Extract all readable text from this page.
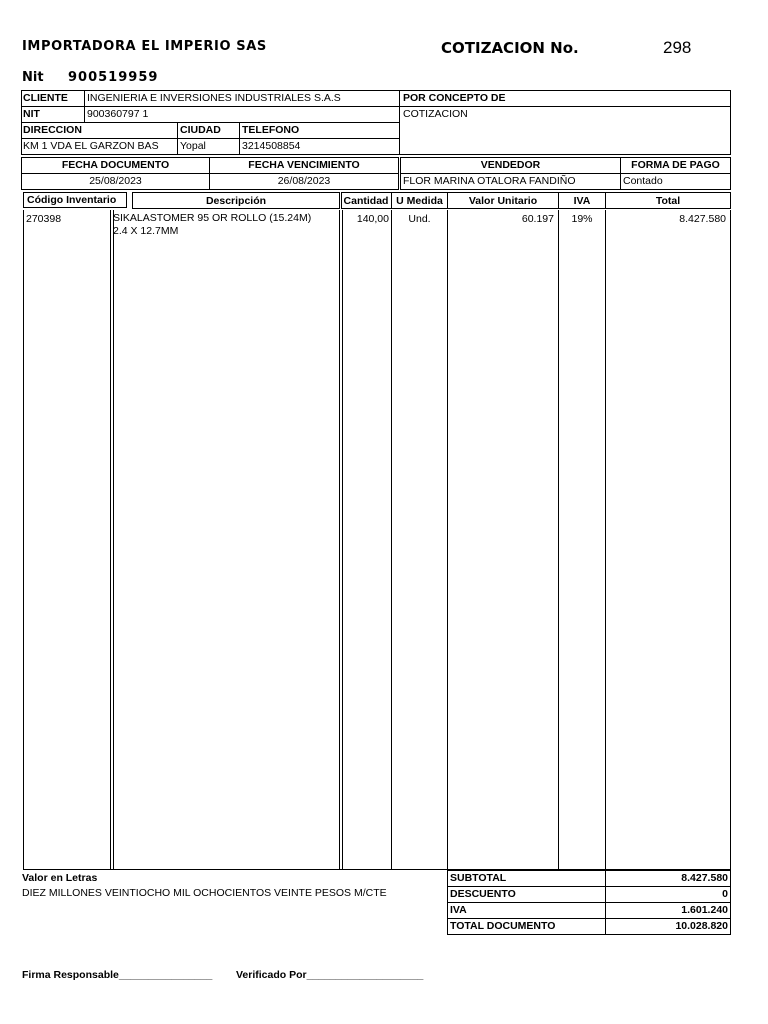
IMPORTADORA EL IMPERIO SAS	COTIZACION No.	298
Nit 900519959
CLIENTE	INGENIERIA E INVERSIONES INDUSTRIALES S.A.S
NIT	900360797 1
DIRECCION	CIUDAD	TELEFONO
KM 1 VDA EL GARZON BAS	Yopal	3214508854
POR CONCEPTO DE
COTIZACION
FECHA DOCUMENTO	FECHA VENCIMIENTO
25/08/2023	26/08/2023
VENDEDOR	FORMA DE PAGO
FLOR MARINA OTALORA FANDIÑO	Contado
Código Inventario	Descripción	Cantidad U Medida	Valor Unitario	IVA	Total
270398	SIKALASTOMER 95 OR ROLLO (15.24M)
2.4 X 12.7MM
140,00	Und.	60.197	19%	8.427.580
Valor en Letras
DIEZ MILLONES VEINTIOCHO MIL OCHOCIENTOS VEINTE PESOS M/CTE
SUBTOTAL	8.427.580
DESCUENTO	0
IVA	1.601.240
TOTAL DOCUMENTO	10.028.820
Firma Responsable________________ Verificado Por____________________
